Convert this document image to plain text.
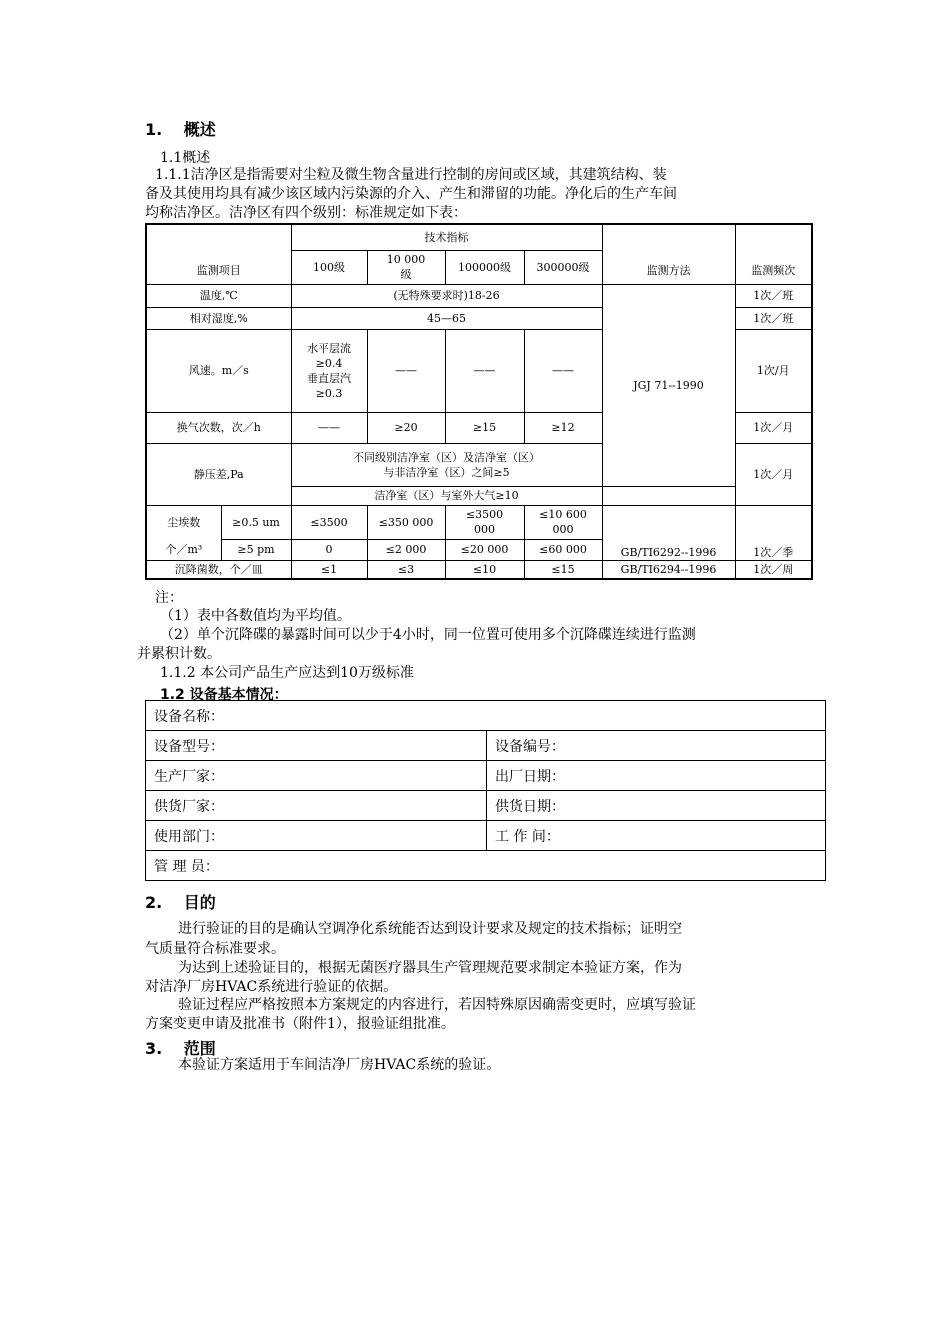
1.　 概述
1.1概述
1.1.1洁净区是指需要对尘粒及微生物含量进行控制的房间或区域，其建筑结构、装
备及其使用均具有减少该区域内污染源的介入、产生和滞留的功能。净化后的生产车间
均称洁净区。洁净区有四个级别：标准规定如下表：
监测项目		技术指标				监测方法	监测频次
		100级	10 000
级	100000级	300000级		
温度,℃		(无特殊要求时)18-26				JGJ 71--1990	1次／班
相对湿度,%		45—65					1次／班
风速。m／s		水平层流
≥0.4
垂直层汽
≥0.3	——	——	——		1次/月
换气次数，次／h		——	≥20	≥15	≥12		1次／月
静压差,Pa		不同级别洁净室（区）及洁净室（区）
与非洁净室（区）之间≥5					1次／月
		洁净室（区）与室外大气≥10					
尘埃数	≥0.5 um	≤3500	≤350 000	≤3500
000	≤10 600
000	GB/TI6292--1996	1次／季
个／m³	≥5 pm	0	≤2 000	≤20 000	≤60 000		
沉降菌数，个／皿		≤1	≤3	≤10	≤15	GB/TI6294--1996	1次／周
注：
（1）表中各数值均为平均值。
（2）单个沉降碟的暴露时间可以少于4小时，同一位置可使用多个沉降碟连续进行监测
并累积计数。
1.1.2 本公司产品生产应达到10万级标准
1.2 设备基本情况：
设备名称：	
设备型号：	设备编号：
生产厂家：	出厂日期：
供货厂家：	供货日期：
使用部门：	工 作 间：
管 理 员：	
2.　 目的
进行验证的目的是确认空调净化系统能否达到设计要求及规定的技术指标；证明空
气质量符合标准要求。
为达到上述验证目的，根据无菌医疗器具生产管理规范要求制定本验证方案，作为
对洁净厂房HVAC系统进行验证的依据。
验证过程应严格按照本方案规定的内容进行，若因特殊原因确需变更时，应填写验证
方案变更申请及批准书（附件1），报验证组批准。
3.　 范围
本验证方案适用于车间洁净厂房HVAC系统的验证。
